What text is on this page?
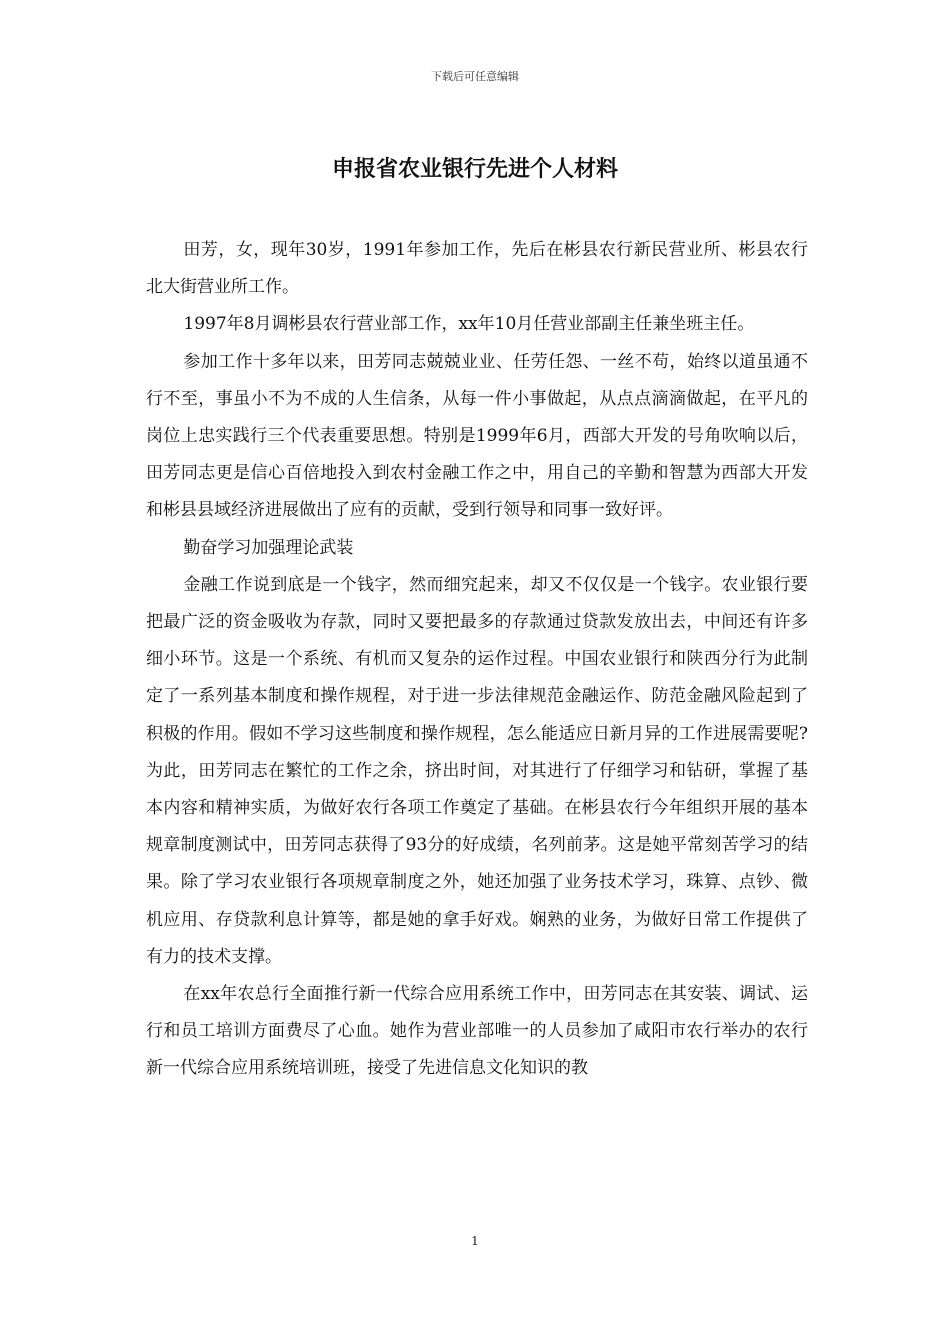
下载后可任意编辑
申报省农业银行先进个人材料

田芳，女，现年30岁，1991年参加工作，先后在彬县农行新民营业所、彬县农行北大街营业所工作。

1997年8月调彬县农行营业部工作，xx年10月任营业部副主任兼坐班主任。

参加工作十多年以来，田芳同志兢兢业业、任劳任怨、一丝不苟，始终以道虽通不行不至，事虽小不为不成的人生信条，从每一件小事做起，从点点滴滴做起，在平凡的岗位上忠实践行三个代表重要思想。特别是1999年6月，西部大开发的号角吹响以后，田芳同志更是信心百倍地投入到农村金融工作之中，用自己的辛勤和智慧为西部大开发和彬县县域经济进展做出了应有的贡献，受到行领导和同事一致好评。

勤奋学习加强理论武装

金融工作说到底是一个钱字，然而细究起来，却又不仅仅是一个钱字。农业银行要把最广泛的资金吸收为存款，同时又要把最多的存款通过贷款发放出去，中间还有许多细小环节。这是一个系统、有机而又复杂的运作过程。中国农业银行和陕西分行为此制定了一系列基本制度和操作规程，对于进一步法律规范金融运作、防范金融风险起到了积极的作用。假如不学习这些制度和操作规程，怎么能适应日新月异的工作进展需要呢?为此，田芳同志在繁忙的工作之余，挤出时间，对其进行了仔细学习和钻研，掌握了基本内容和精神实质，为做好农行各项工作奠定了基础。在彬县农行今年组织开展的基本规章制度测试中，田芳同志获得了93分的好成绩，名列前茅。这是她平常刻苦学习的结果。除了学习农业银行各项规章制度之外，她还加强了业务技术学习，珠算、点钞、微机应用、存贷款利息计算等，都是她的拿手好戏。娴熟的业务，为做好日常工作提供了有力的技术支撑。

在xx年农总行全面推行新一代综合应用系统工作中，田芳同志在其安装、调试、运行和员工培训方面费尽了心血。她作为营业部唯一的人员参加了咸阳市农行举办的农行新一代综合应用系统培训班，接受了先进信息文化知识的教

1
